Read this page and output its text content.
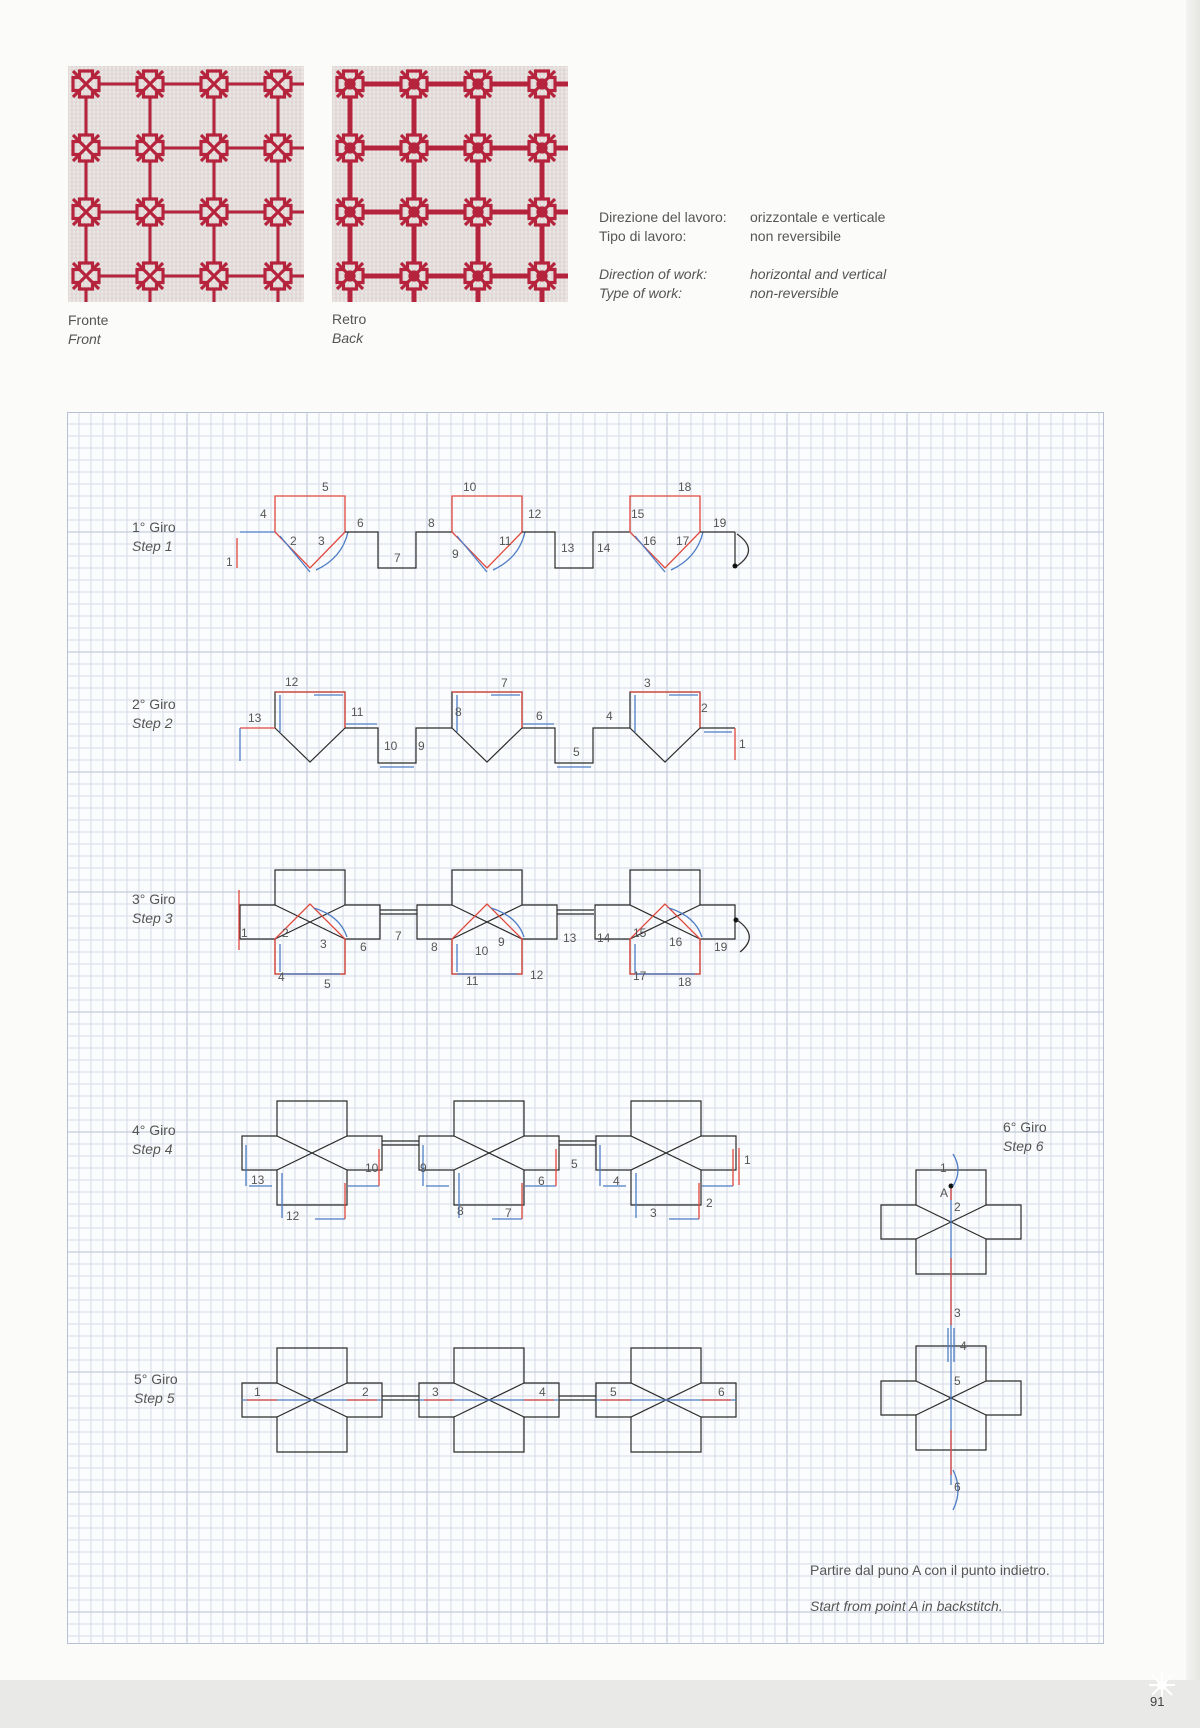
Fronte
Front
Retro
Back
Direzione del lavoro:	orizzontale e verticale
Tipo di lavoro:	non reversibile
Direction of work:	horizontal and vertical
Type of work:	non-reversible
1
2 3
4
5
6
7
8
9
10
11
12
13 14
15
16 17
18
19
1
2
3
4
5
6
7
8
9
10
11
12
13
1	2
3
4	5
6
7
8	9
10
11	12
13 14 15
16
17	18
19
1
2
3
4
5
6
7
8
9
10
12
13
1	2	3	4	5	6
1
A
2
3
4
5
6
1° Giro
Step 1
2° Giro
Step 2
3° Giro
Step 3
4° Giro
Step 4
5° Giro
Step 5
6° Giro
Step 6
Partire dal puno A con il punto indietro.
Start from point A in backstitch.
91
